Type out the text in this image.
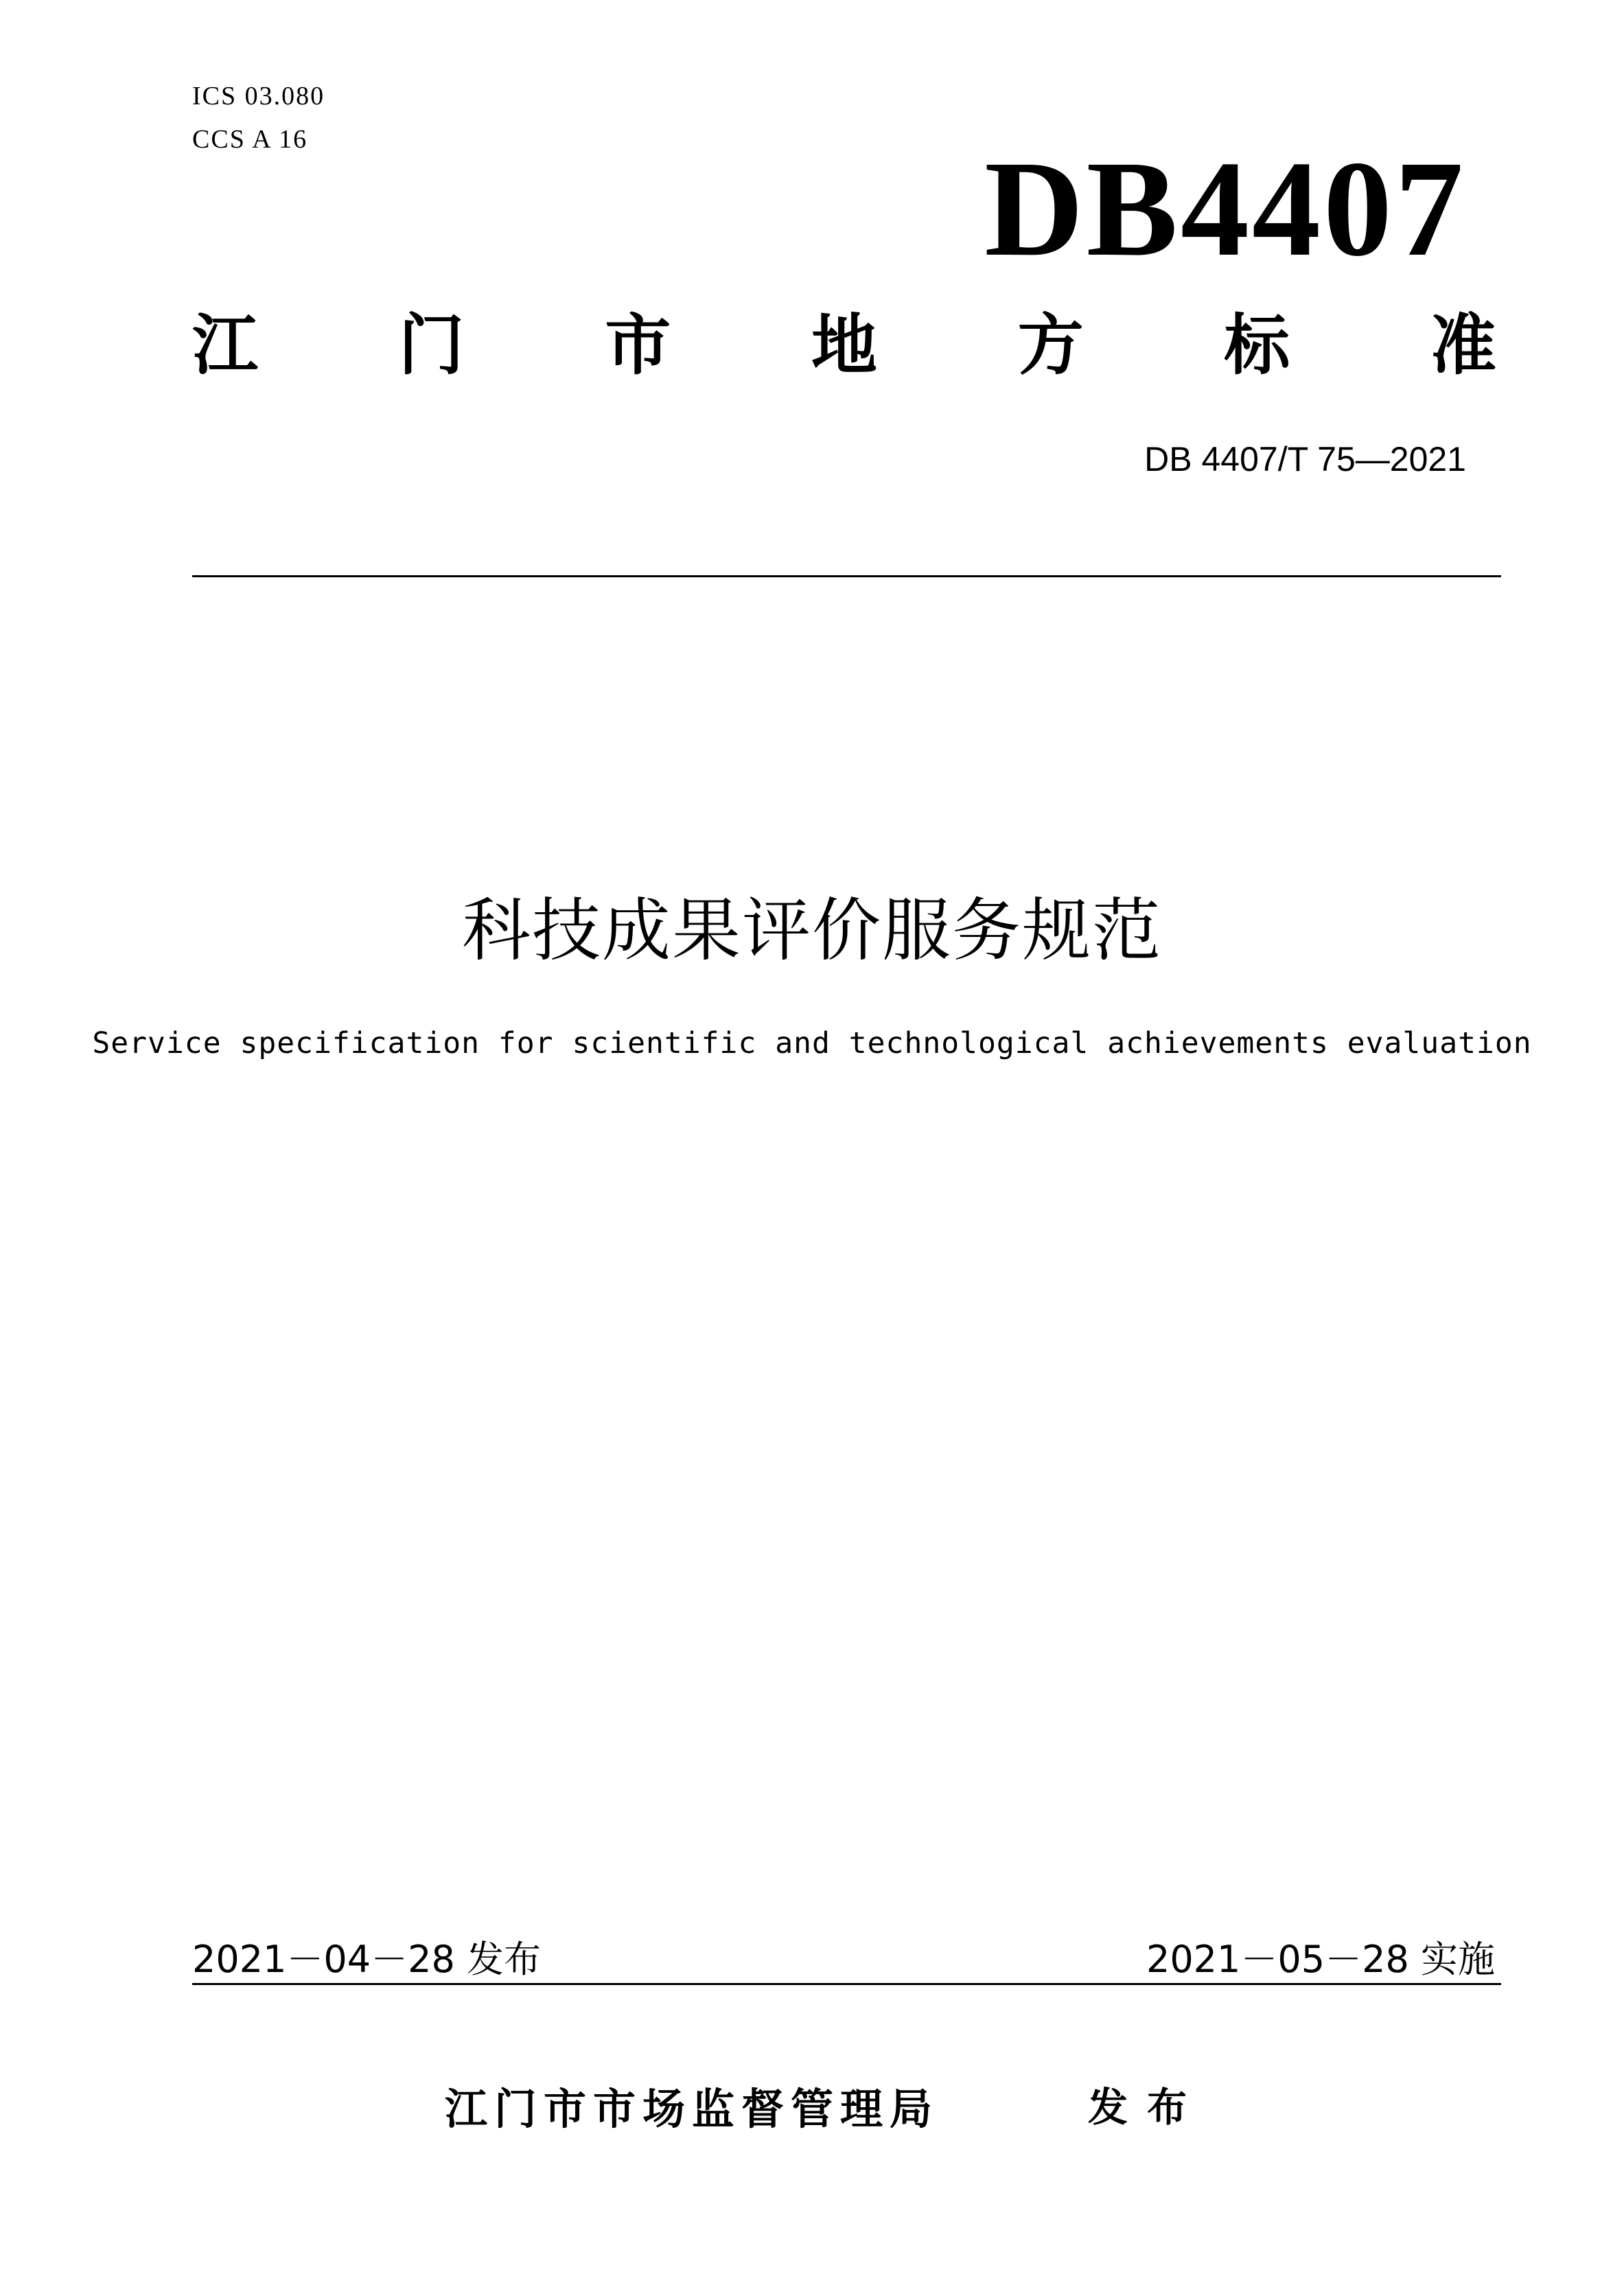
ICS 03.080
CCS A 16	DB4407
江 门 市 地 方 标 准
DB 4407/T 75—2021
科技成果评价服务规范
Service specification for scientific and technological achievements evaluation
2021－04－28 发布	2021－05－28 实施
江门市市场监督管理局	发布
